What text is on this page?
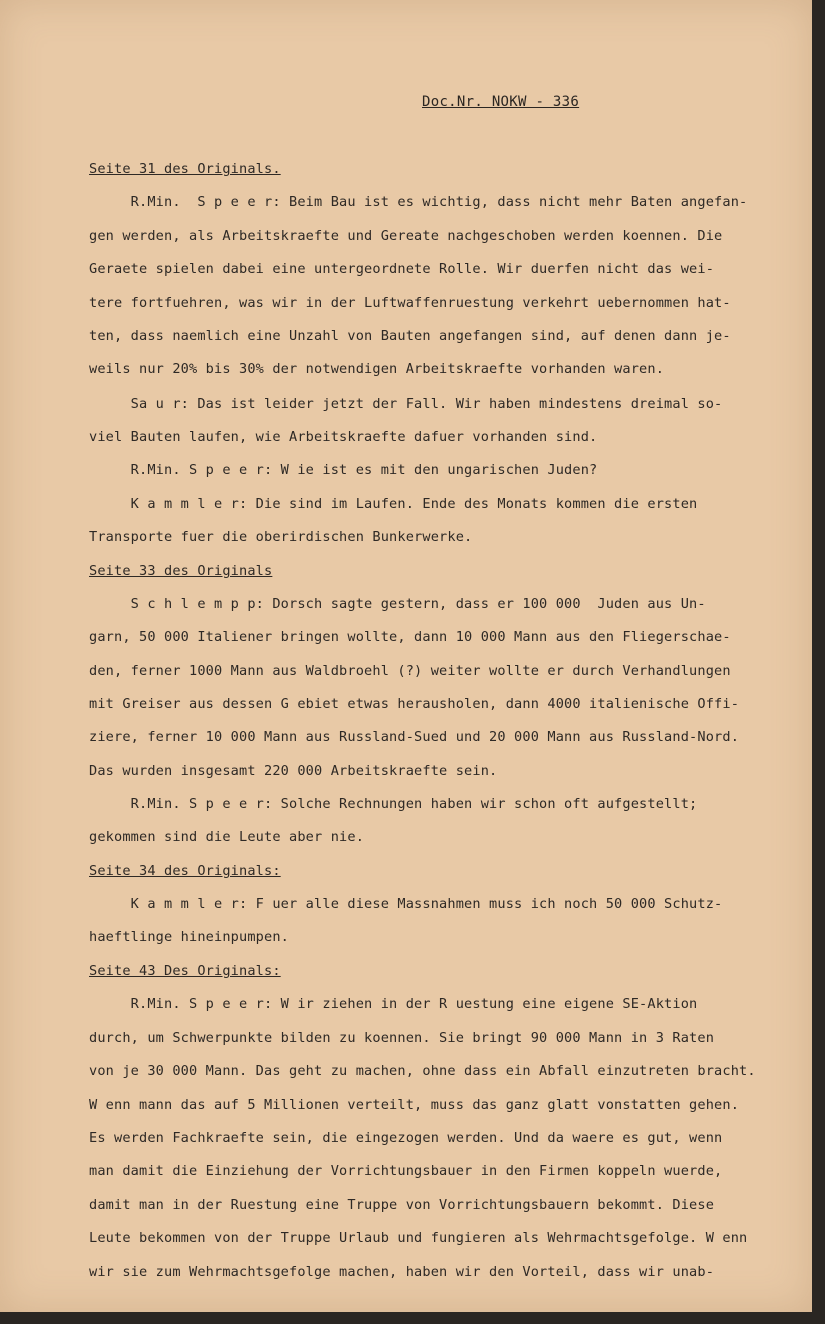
Doc.Nr. NOKW - 336
Seite 31 des Originals.
R.Min.  S p e e r: Beim Bau ist es wichtig, dass nicht mehr Baten angefan-
gen werden, als Arbeitskraefte und Gereate nachgeschoben werden koennen. Die
Geraete spielen dabei eine untergeordnete Rolle. Wir duerfen nicht das wei-
tere fortfuehren, was wir in der Luftwaffenruestung verkehrt uebernommen hat-
ten, dass naemlich eine Unzahl von Bauten angefangen sind, auf denen dann je-
weils nur 20% bis 30% der notwendigen Arbeitskraefte vorhanden waren.
Sa u r: Das ist leider jetzt der Fall. Wir haben mindestens dreimal so-
viel Bauten laufen, wie Arbeitskraefte dafuer vorhanden sind.
R.Min. S p e e r: W ie ist es mit den ungarischen Juden?
K a m m l e r: Die sind im Laufen. Ende des Monats kommen die ersten
Transporte fuer die oberirdischen Bunkerwerke.
Seite 33 des Originals
S c h l e m p p: Dorsch sagte gestern, dass er 100 000  Juden aus Un-
garn, 50 000 Italiener bringen wollte, dann 10 000 Mann aus den Fliegerschae-
den, ferner 1000 Mann aus Waldbroehl (?) weiter wollte er durch Verhandlungen
mit Greiser aus dessen G ebiet etwas herausholen, dann 4000 italienische Offi-
ziere, ferner 10 000 Mann aus Russland-Sued und 20 000 Mann aus Russland-Nord.
Das wurden insgesamt 220 000 Arbeitskraefte sein.
R.Min. S p e e r: Solche Rechnungen haben wir schon oft aufgestellt;
gekommen sind die Leute aber nie.
Seite 34 des Originals:
K a m m l e r: F uer alle diese Massnahmen muss ich noch 50 000 Schutz-
haeftlinge hineinpumpen.
Seite 43 Des Originals:
R.Min. S p e e r: W ir ziehen in der R uestung eine eigene SE-Aktion
durch, um Schwerpunkte bilden zu koennen. Sie bringt 90 000 Mann in 3 Raten
von je 30 000 Mann. Das geht zu machen, ohne dass ein Abfall einzutreten bracht.
W enn mann das auf 5 Millionen verteilt, muss das ganz glatt vonstatten gehen.
Es werden Fachkraefte sein, die eingezogen werden. Und da waere es gut, wenn
man damit die Einziehung der Vorrichtungsbauer in den Firmen koppeln wuerde,
damit man in der Ruestung eine Truppe von Vorrichtungsbauern bekommt. Diese
Leute bekommen von der Truppe Urlaub und fungieren als Wehrmachtsgefolge. W enn
wir sie zum Wehrmachtsgefolge machen, haben wir den Vorteil, dass wir unab-
